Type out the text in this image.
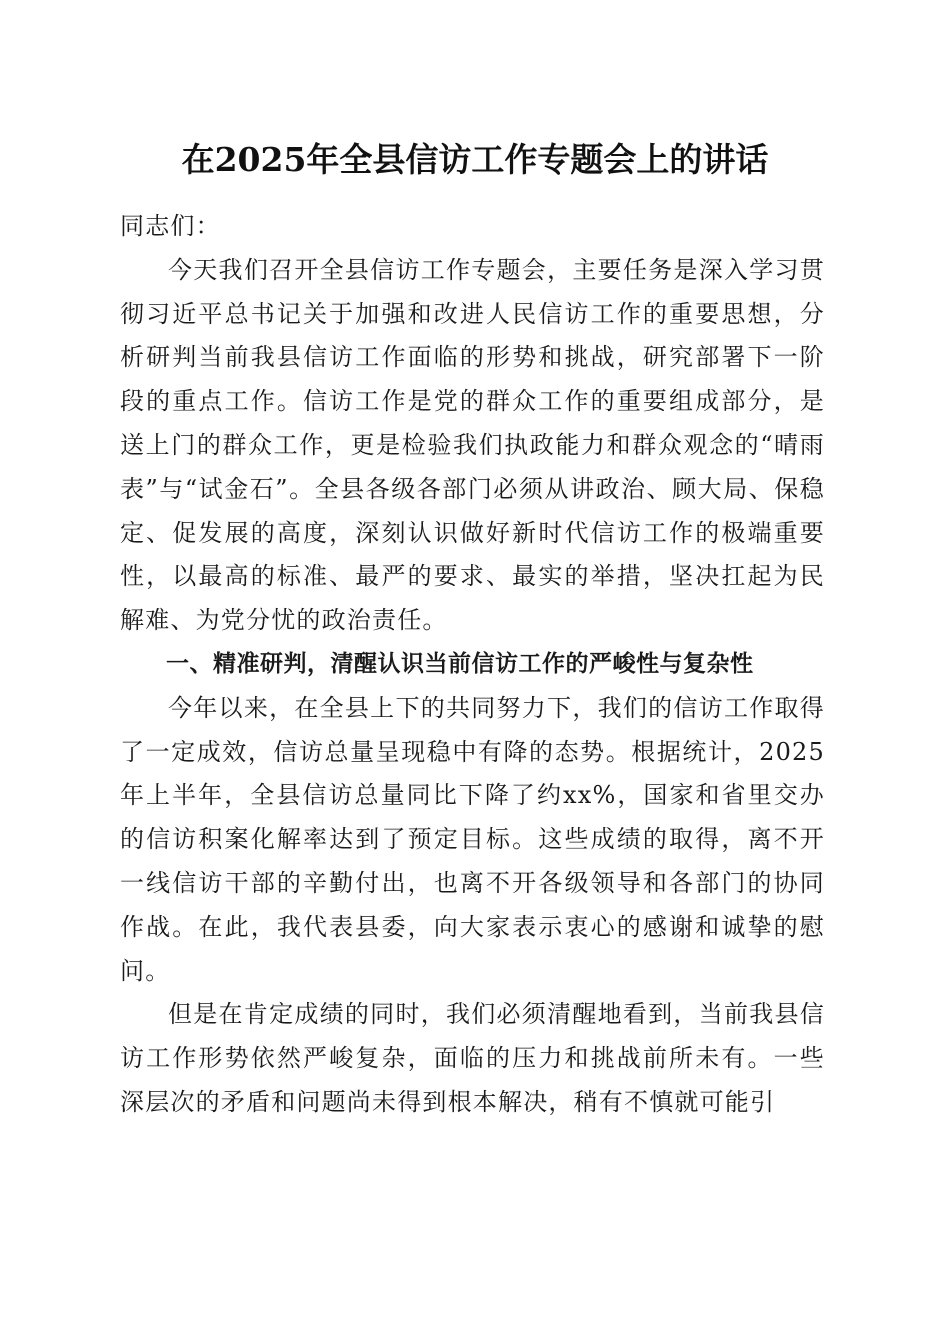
在2025年全县信访工作专题会上的讲话

同志们：

今天我们召开全县信访工作专题会，主要任务是深入学习贯彻习近平总书记关于加强和改进人民信访工作的重要思想，分析研判当前我县信访工作面临的形势和挑战，研究部署下一阶段的重点工作。信访工作是党的群众工作的重要组成部分，是送上门的群众工作，更是检验我们执政能力和群众观念的“晴雨表”与“试金石”。全县各级各部门必须从讲政治、顾大局、保稳定、促发展的高度，深刻认识做好新时代信访工作的极端重要性，以最高的标准、最严的要求、最实的举措，坚决扛起为民解难、为党分忧的政治责任。

一、精准研判，清醒认识当前信访工作的严峻性与复杂性

今年以来，在全县上下的共同努力下，我们的信访工作取得了一定成效，信访总量呈现稳中有降的态势。根据统计，2025年上半年，全县信访总量同比下降了约xx%，国家和省里交办的信访积案化解率达到了预定目标。这些成绩的取得，离不开一线信访干部的辛勤付出，也离不开各级领导和各部门的协同作战。在此，我代表县委，向大家表示衷心的感谢和诚挚的慰问。

但是在肯定成绩的同时，我们必须清醒地看到，当前我县信访工作形势依然严峻复杂，面临的压力和挑战前所未有。一些深层次的矛盾和问题尚未得到根本解决，稍有不慎就可能引
